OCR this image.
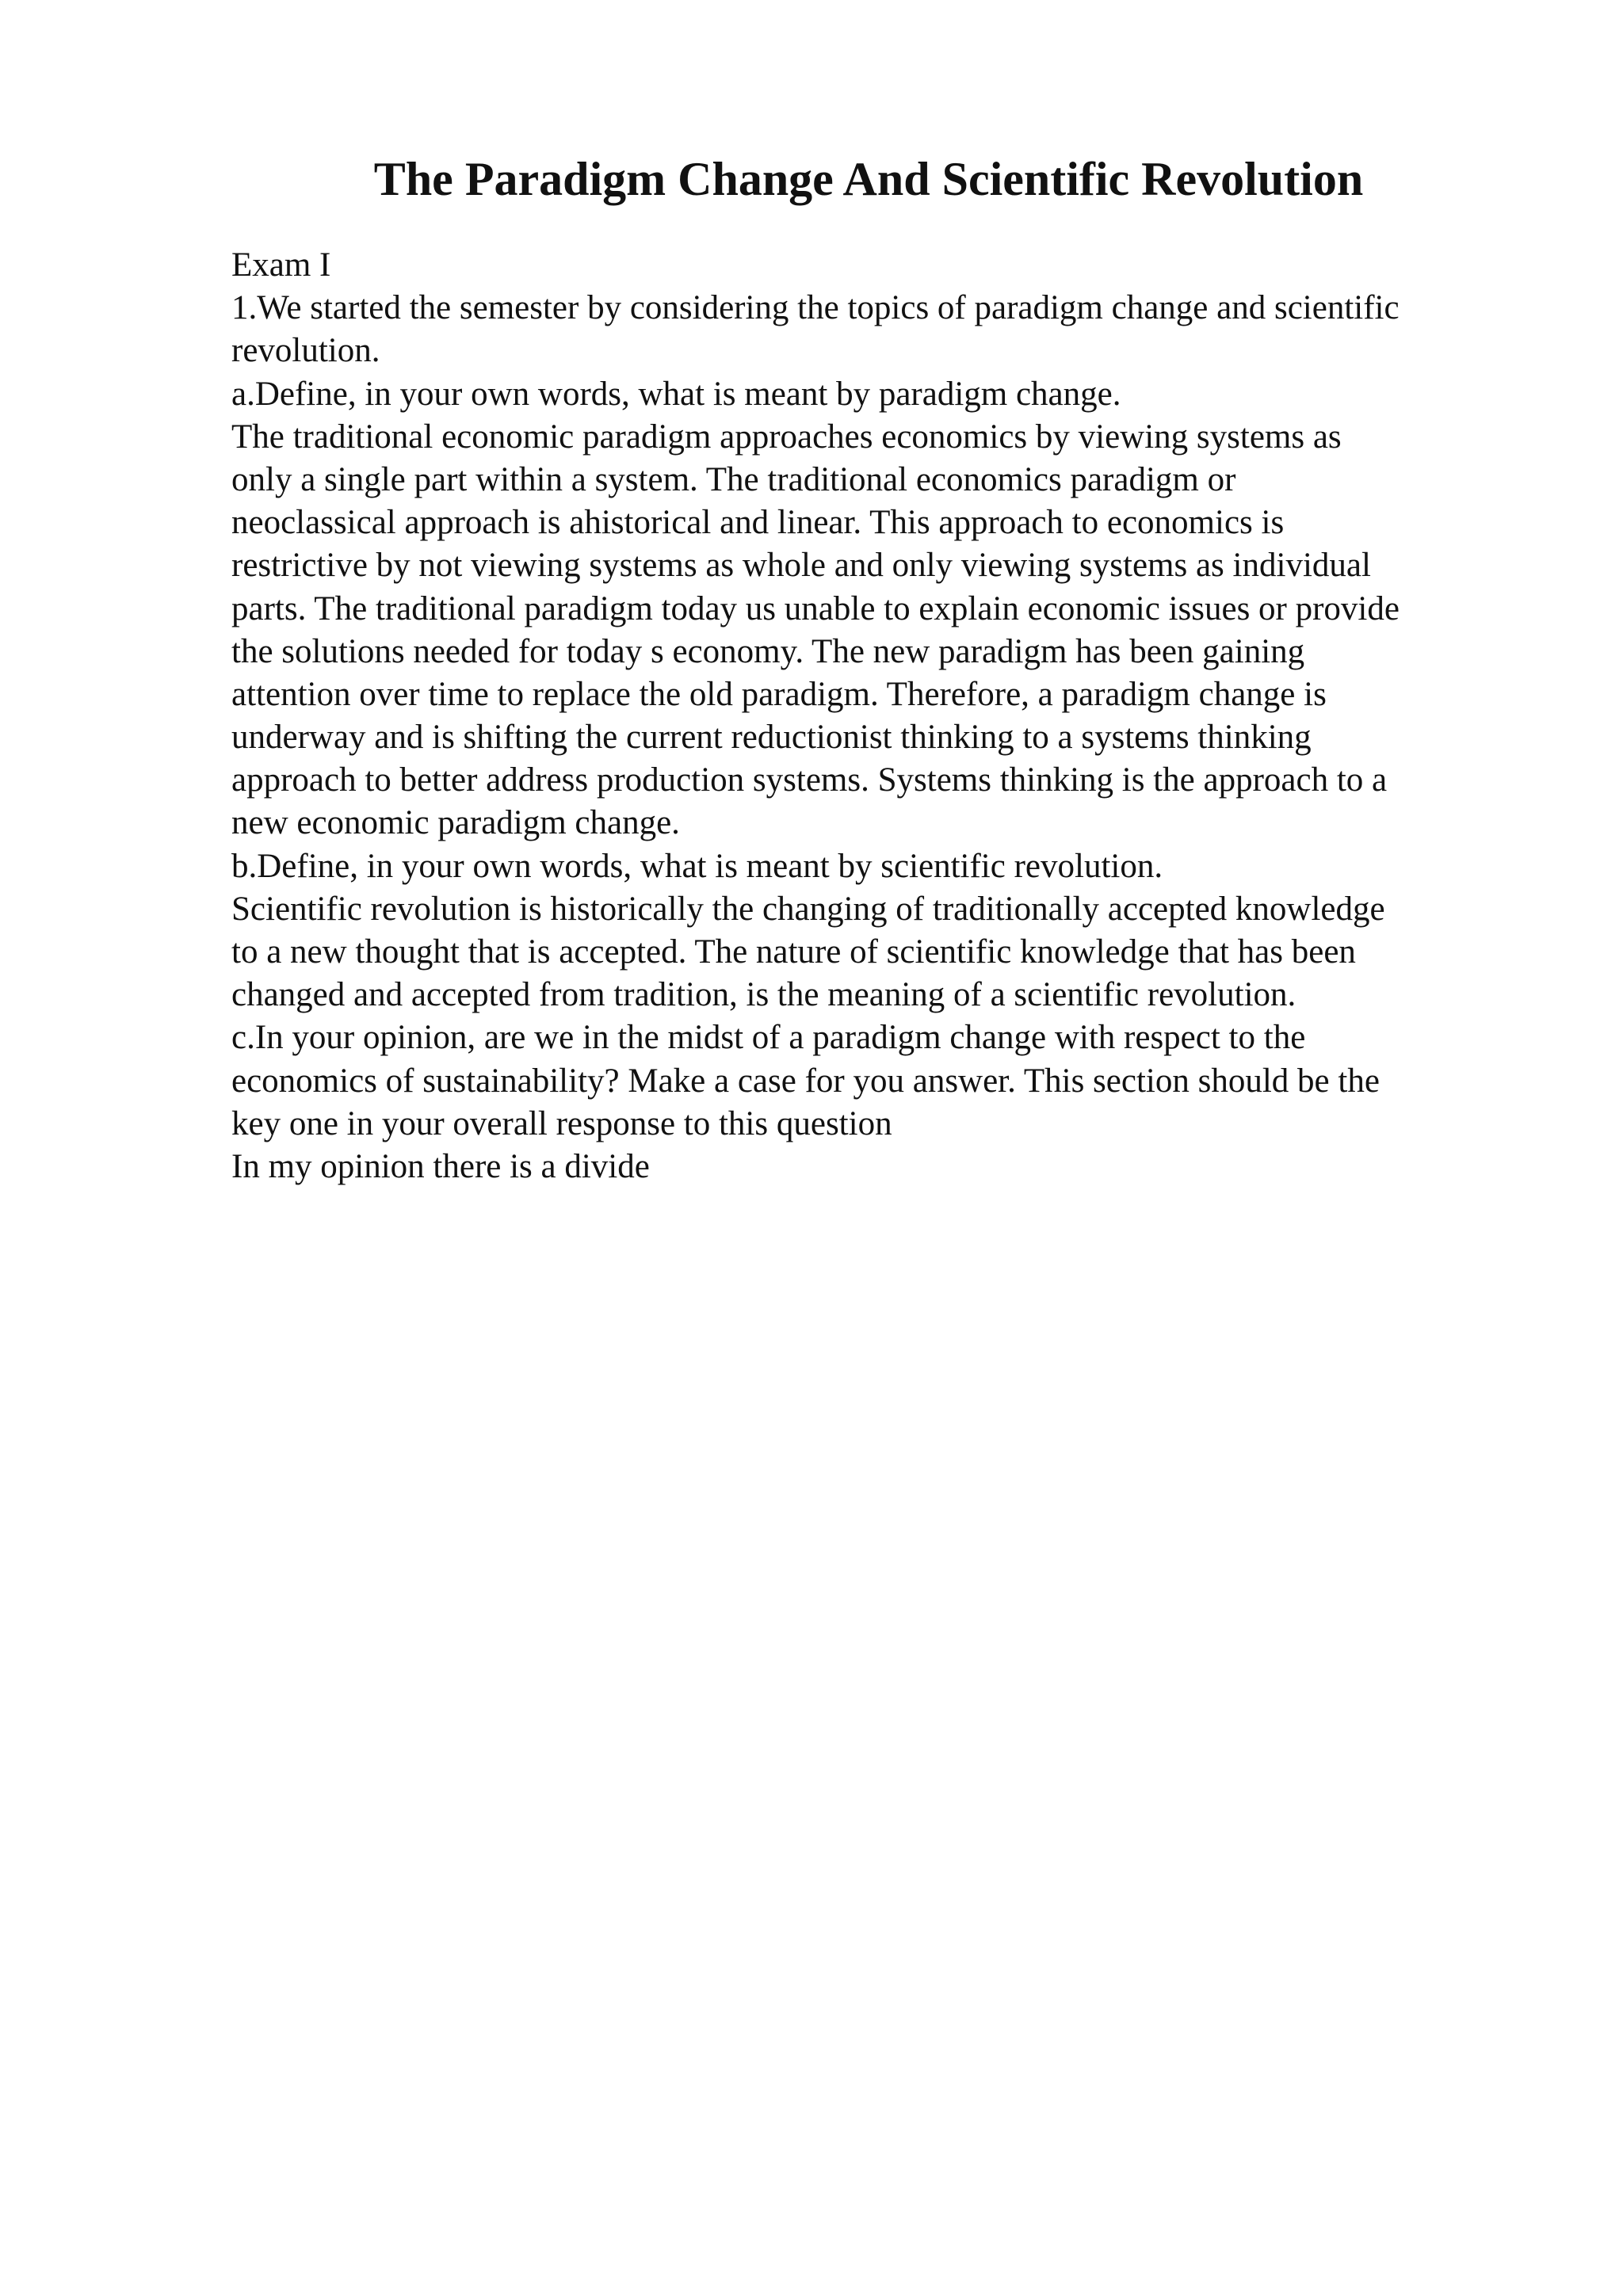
The Paradigm Change And Scientific Revolution
Exam I
1.We started the semester by considering the topics of paradigm change and scientific
revolution.
a.Define, in your own words, what is meant by paradigm change.
The traditional economic paradigm approaches economics by viewing systems as
only a single part within a system. The traditional economics paradigm or
neoclassical approach is ahistorical and linear. This approach to economics is
restrictive by not viewing systems as whole and only viewing systems as individual
parts. The traditional paradigm today us unable to explain economic issues or provide
the solutions needed for today s economy. The new paradigm has been gaining
attention over time to replace the old paradigm. Therefore, a paradigm change is
underway and is shifting the current reductionist thinking to a systems thinking
approach to better address production systems. Systems thinking is the approach to a
new economic paradigm change.
b.Define, in your own words, what is meant by scientific revolution.
Scientific revolution is historically the changing of traditionally accepted knowledge
to a new thought that is accepted. The nature of scientific knowledge that has been
changed and accepted from tradition, is the meaning of a scientific revolution.
c.In your opinion, are we in the midst of a paradigm change with respect to the
economics of sustainability? Make a case for you answer. This section should be the
key one in your overall response to this question
In my opinion there is a divide
